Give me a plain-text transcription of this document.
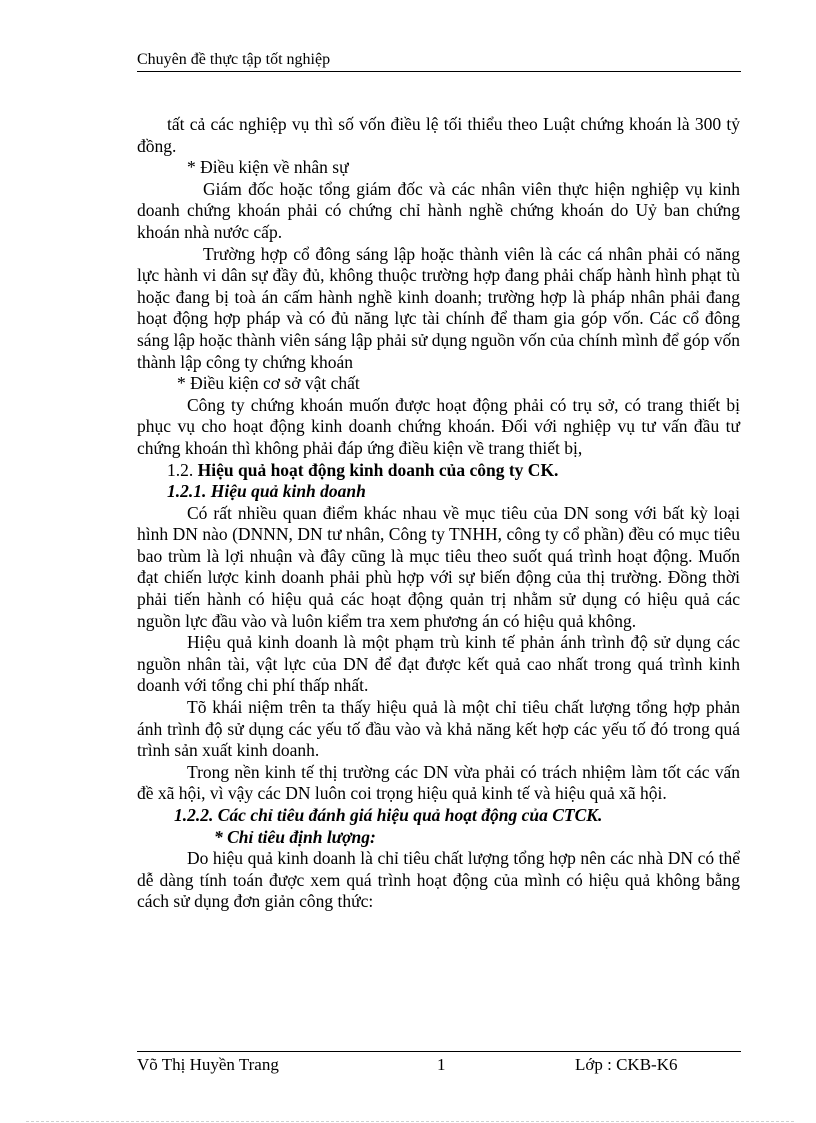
Chuyên đề thực tập tốt nghiệp

tất cả các nghiệp vụ thì số vốn điều lệ tối thiểu theo Luật chứng khoán là 300 tỷ đồng.

* Điều kiện về nhân sự

Giám đốc hoặc tổng giám đốc và các nhân viên thực hiện nghiệp vụ kinh doanh chứng khoán phải có chứng chỉ hành nghề chứng khoán do Uỷ ban chứng khoán nhà nước cấp.

Trường hợp cổ đông sáng lập hoặc thành viên là các cá nhân phải có năng lực hành vi dân sự đầy đủ, không thuộc trường hợp đang phải chấp hành hình phạt tù hoặc đang bị toà án cấm hành nghề kinh doanh; trường hợp là pháp nhân phải đang hoạt động hợp pháp và có đủ năng lực tài chính để tham gia góp vốn. Các cổ đông sáng lập hoặc thành viên sáng lập phải sử dụng nguồn vốn của chính mình để góp vốn thành lập công ty chứng khoán

* Điều kiện cơ sở vật chất

Công ty chứng khoán muốn được hoạt động phải có trụ sở, có trang thiết bị phục vụ cho hoạt động kinh doanh chứng khoán. Đối với nghiệp vụ tư vấn đầu tư chứng khoán thì không phải đáp ứng điều kiện về trang thiết bị,

1.2. Hiệu quả hoạt động kinh doanh của công ty CK.

1.2.1. Hiệu quả kinh doanh

Có rất nhiều quan điểm khác nhau về mục tiêu của DN song với bất kỳ loại hình DN nào (DNNN, DN tư nhân, Công ty TNHH, công ty cổ phần) đều có mục tiêu bao trùm là lợi nhuận và đây cũng là mục tiêu theo suốt quá trình hoạt động. Muốn đạt chiến lược kinh doanh phải phù hợp với sự biến động của thị trường. Đồng thời phải tiến hành có hiệu quả các hoạt động quản trị nhằm sử dụng có hiệu quả các nguồn lực đầu vào và luôn kiểm tra xem phương án có hiệu quả không.

Hiệu quả kinh doanh là một phạm trù kinh tế phản ánh trình độ sử dụng các nguồn nhân tài, vật lực của DN để đạt được kết quả cao nhất trong quá trình kinh doanh với tổng chi phí thấp nhất.

Tõ khái niệm trên ta thấy hiệu quả là một chỉ tiêu chất lượng tổng hợp phản ánh trình độ sử dụng các yếu tố đầu vào và khả năng kết hợp các yếu tố đó trong quá trình sản xuất kinh doanh.

Trong nền kinh tế thị trường các DN vừa phải có trách nhiệm làm tốt các vấn đề xã hội, vì vậy các DN luôn coi trọng hiệu quả kinh tế và hiệu quả xã hội.

1.2.2. Các chỉ tiêu đánh giá hiệu quả hoạt động của CTCK.

* Chỉ tiêu định lượng:

Do hiệu quả kinh doanh là chỉ tiêu chất lượng tổng hợp nên các nhà DN có thể dễ dàng tính toán được xem quá trình hoạt động của mình có hiệu quả không bằng cách sử dụng đơn giản công thức:

Võ Thị Huyền Trang	1	Lớp : CKB-K6
